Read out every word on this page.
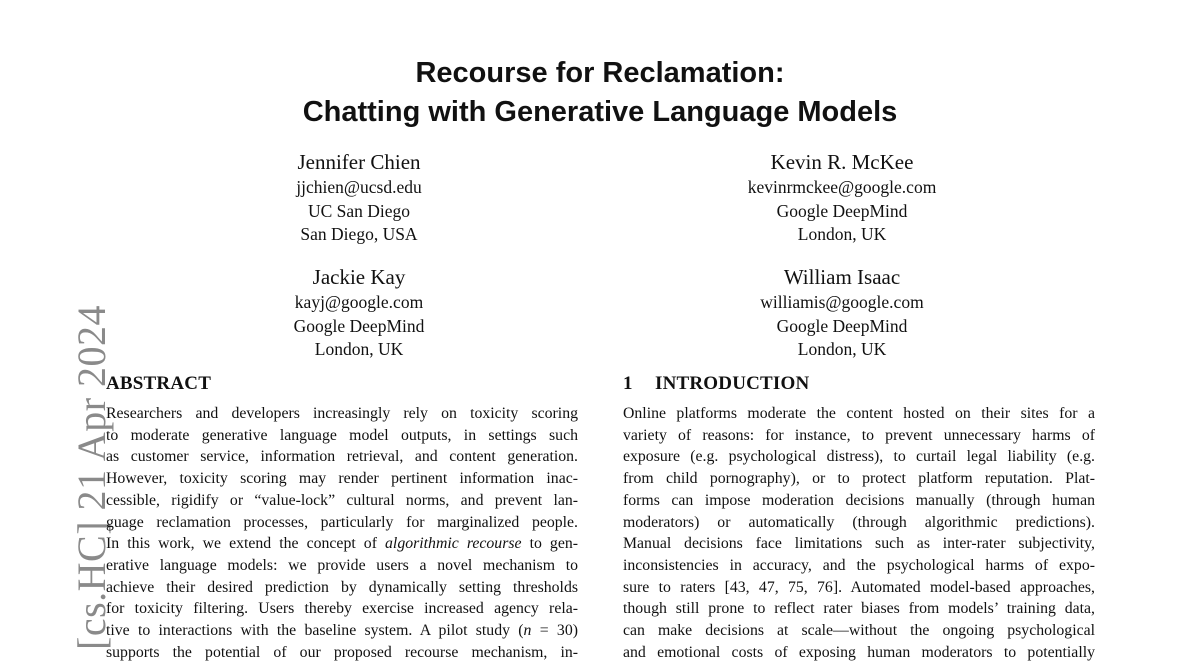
[cs.HC] 21 Apr 2024
Recourse for Reclamation:
Chatting with Generative Language Models
Jennifer Chien
jjchien@ucsd.edu
UC San Diego
San Diego, USA
Kevin R. McKee
kevinrmckee@google.com
Google DeepMind
London, UK
Jackie Kay
kayj@google.com
Google DeepMind
London, UK
William Isaac
williamis@google.com
Google DeepMind
London, UK
ABSTRACT
Researchers and developers increasingly rely on toxicity scoring
to moderate generative language model outputs, in settings such
as customer service, information retrieval, and content generation.
However, toxicity scoring may render pertinent information inac-
cessible, rigidify or “value-lock” cultural norms, and prevent lan-
guage reclamation processes, particularly for marginalized people.
In this work, we extend the concept of algorithmic recourse to gen-
erative language models: we provide users a novel mechanism to
achieve their desired prediction by dynamically setting thresholds
for toxicity filtering. Users thereby exercise increased agency rela-
tive to interactions with the baseline system. A pilot study (n = 30)
supports the potential of our proposed recourse mechanism, in-
1 INTRODUCTION
Online platforms moderate the content hosted on their sites for a
variety of reasons: for instance, to prevent unnecessary harms of
exposure (e.g. psychological distress), to curtail legal liability (e.g.
from child pornography), or to protect platform reputation. Plat-
forms can impose moderation decisions manually (through human
moderators) or automatically (through algorithmic predictions).
Manual decisions face limitations such as inter-rater subjectivity,
inconsistencies in accuracy, and the psychological harms of expo-
sure to raters [43, 47, 75, 76]. Automated model-based approaches,
though still prone to reflect rater biases from models’ training data,
can make decisions at scale—without the ongoing psychological
and emotional costs of exposing human moderators to potentially
